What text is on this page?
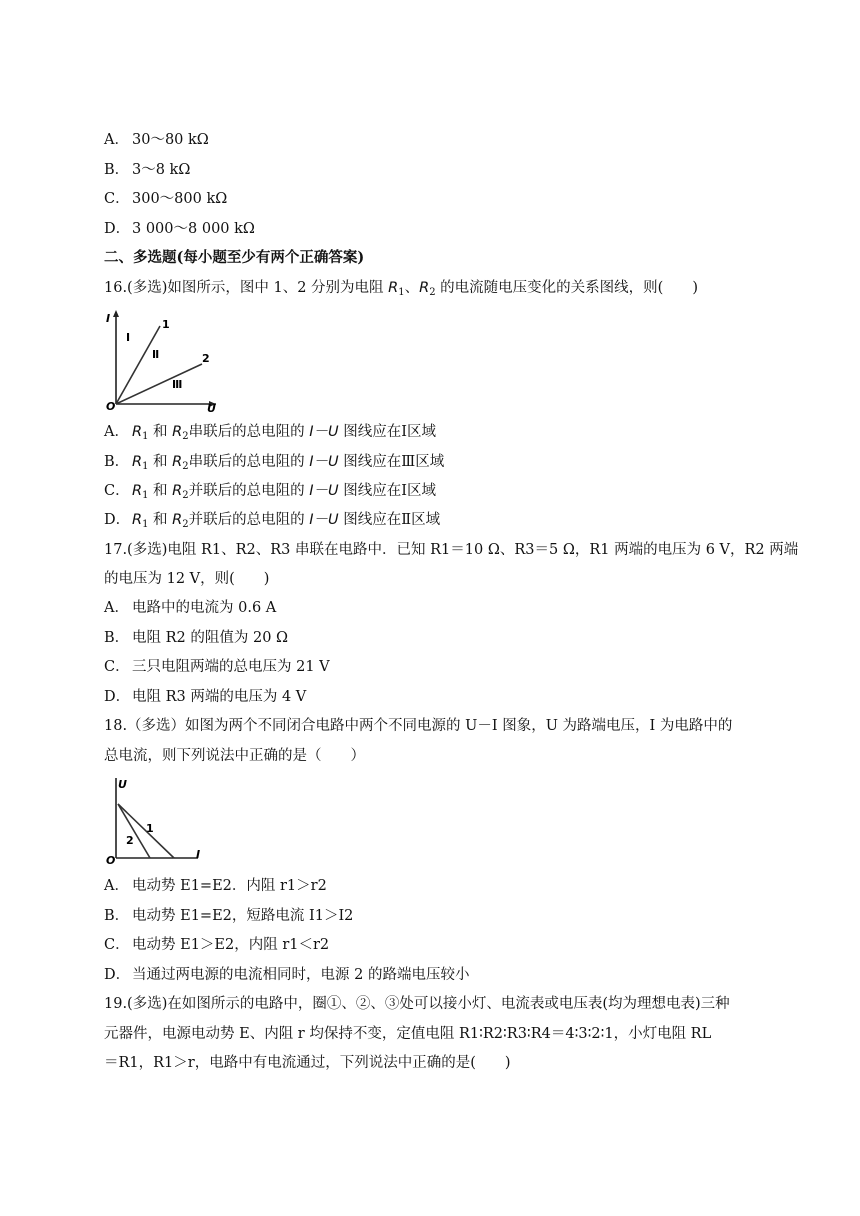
A． 30～80 kΩ
B． 3～8 kΩ
C． 300～800 kΩ
D． 3 000～8 000 kΩ
二、多选题(每小题至少有两个正确答案)
16.(多选)如图所示，图中 1、2 分别为电阻 $R_1$、$R_2$ 的电流随电压变化的关系图线，则(　　)
I
U
O
1
2
Ⅰ
Ⅱ
Ⅲ
A． $R_1$ 和 $R_2$串联后的总电阻的 I－U 图线应在Ⅰ区域
B． $R_1$ 和 $R_2$串联后的总电阻的 I－U 图线应在Ⅲ区域
C． $R_1$ 和 $R_2$并联后的总电阻的 I－U 图线应在Ⅰ区域
D． $R_1$ 和 $R_2$并联后的总电阻的 I－U 图线应在Ⅱ区域
17.(多选)电阻 R1、R2、R3 串联在电路中．已知 R1＝10 Ω、R3＝5 Ω，R1 两端的电压为 6 V，R2 两端
的电压为 12 V，则(　　)
A． 电路中的电流为 0.6 A
B． 电阻 R2 的阻值为 20 Ω
C． 三只电阻两端的总电压为 21 V
D． 电阻 R3 两端的电压为 4 V
18.（多选）如图为两个不同闭合电路中两个不同电源的 U－I 图象，U 为路端电压，I 为电路中的
总电流，则下列说法中正确的是（　　）
U
I
O
1
2
A． 电动势 E1=E2．内阻 r1＞r2
B． 电动势 E1=E2，短路电流 I1＞I2
C． 电动势 E1＞E2，内阻 r1＜r2
D． 当通过两电源的电流相同时，电源 2 的路端电压较小
19.(多选)在如图所示的电路中，圈①、②、③处可以接小灯、电流表或电压表(均为理想电表)三种
元器件，电源电动势 E、内阻 r 均保持不变，定值电阻 R1∶R2∶R3∶R4＝4∶3∶2∶1，小灯电阻 RL
＝R1，R1＞r，电路中有电流通过，下列说法中正确的是(　　)
